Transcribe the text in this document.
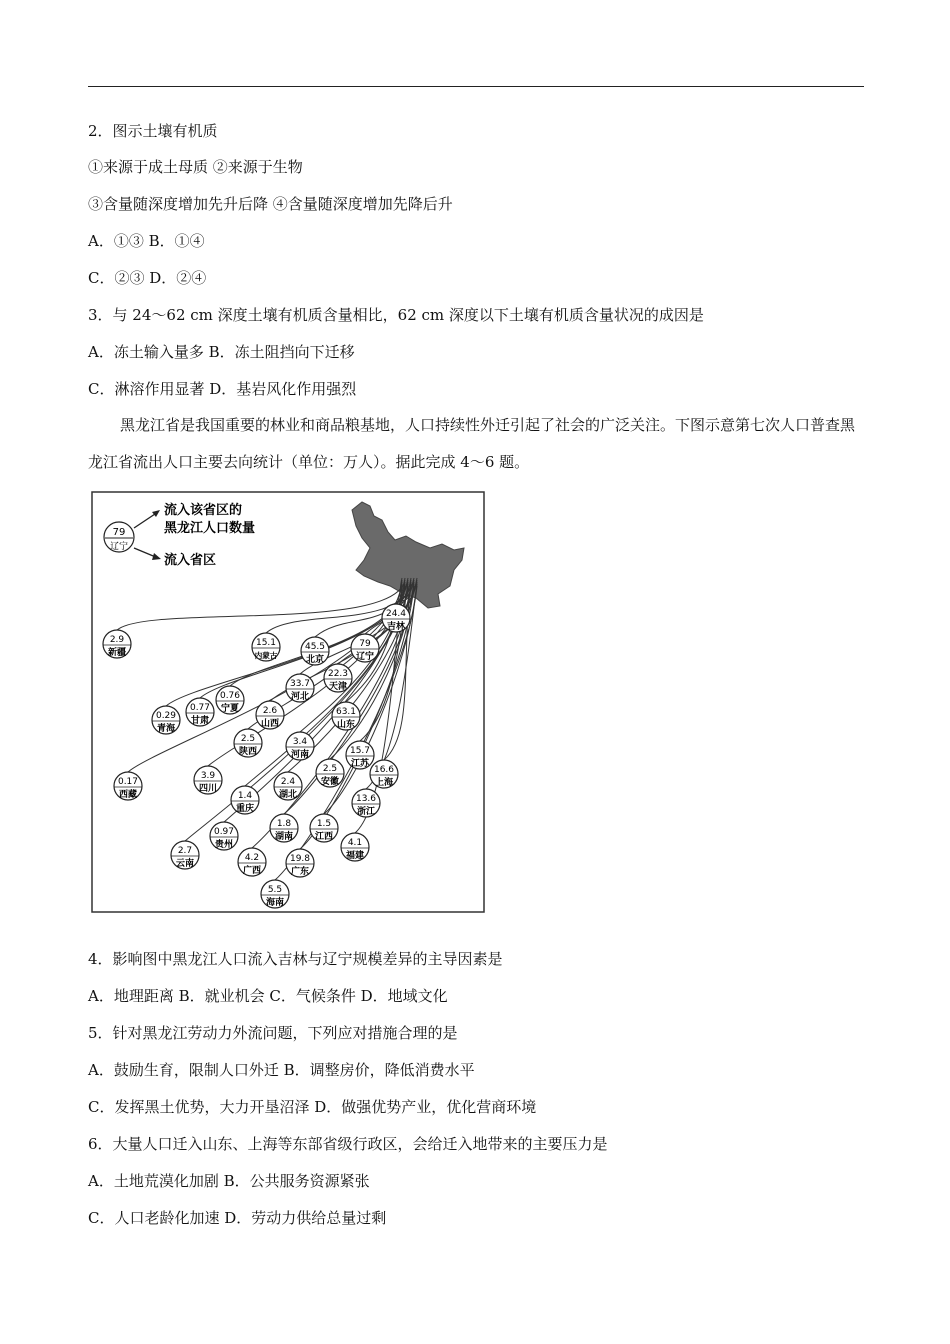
2．图示土壤有机质
①来源于成土母质 ②来源于生物
③含量随深度增加先升后降 ④含量随深度增加先降后升
A．①③ B．①④
C．②③ D．②④
3．与 24～62 cm 深度土壤有机质含量相比，62 cm 深度以下土壤有机质含量状况的成因是
A．冻土输入量多 B．冻土阻挡向下迁移
C．淋溶作用显著 D．基岩风化作用强烈
黑龙江省是我国重要的林业和商品粮基地，人口持续性外迁引起了社会的广泛关注。下图示意第七次人口普查黑龙江省流出人口主要去向统计（单位：万人）。据此完成 4～6 题。
24.4
吉林
79
辽宁
45.5
北京
22.3
天津
15.1
内蒙古
33.7
河北
63.1
山东
2.9
新疆
0.76
宁夏
0.77
甘肃
0.29
青海
2.6
山西
2.5
陕西
3.4
河南	15.7
江苏
16.6
上海
2.5
安徽
13.6
浙江
0.17
西藏
3.9
四川
1.4
重庆
2.4
湖北
1.8
湖南
1.5
江西
4.1
福建
0.97
贵州
2.7
云南
4.2
广西
19.8
广东
5.5
海南
79
辽宁
流入该省区的
黑龙江人口数量
流入省区
4．影响图中黑龙江人口流入吉林与辽宁规模差异的主导因素是
A．地理距离 B．就业机会 C．气候条件 D．地域文化
5．针对黑龙江劳动力外流问题，下列应对措施合理的是
A．鼓励生育，限制人口外迁 B．调整房价，降低消费水平
C．发挥黑土优势，大力开垦沼泽 D．做强优势产业，优化营商环境
6．大量人口迁入山东、上海等东部省级行政区，会给迁入地带来的主要压力是
A．土地荒漠化加剧 B．公共服务资源紧张
C．人口老龄化加速 D．劳动力供给总量过剩
